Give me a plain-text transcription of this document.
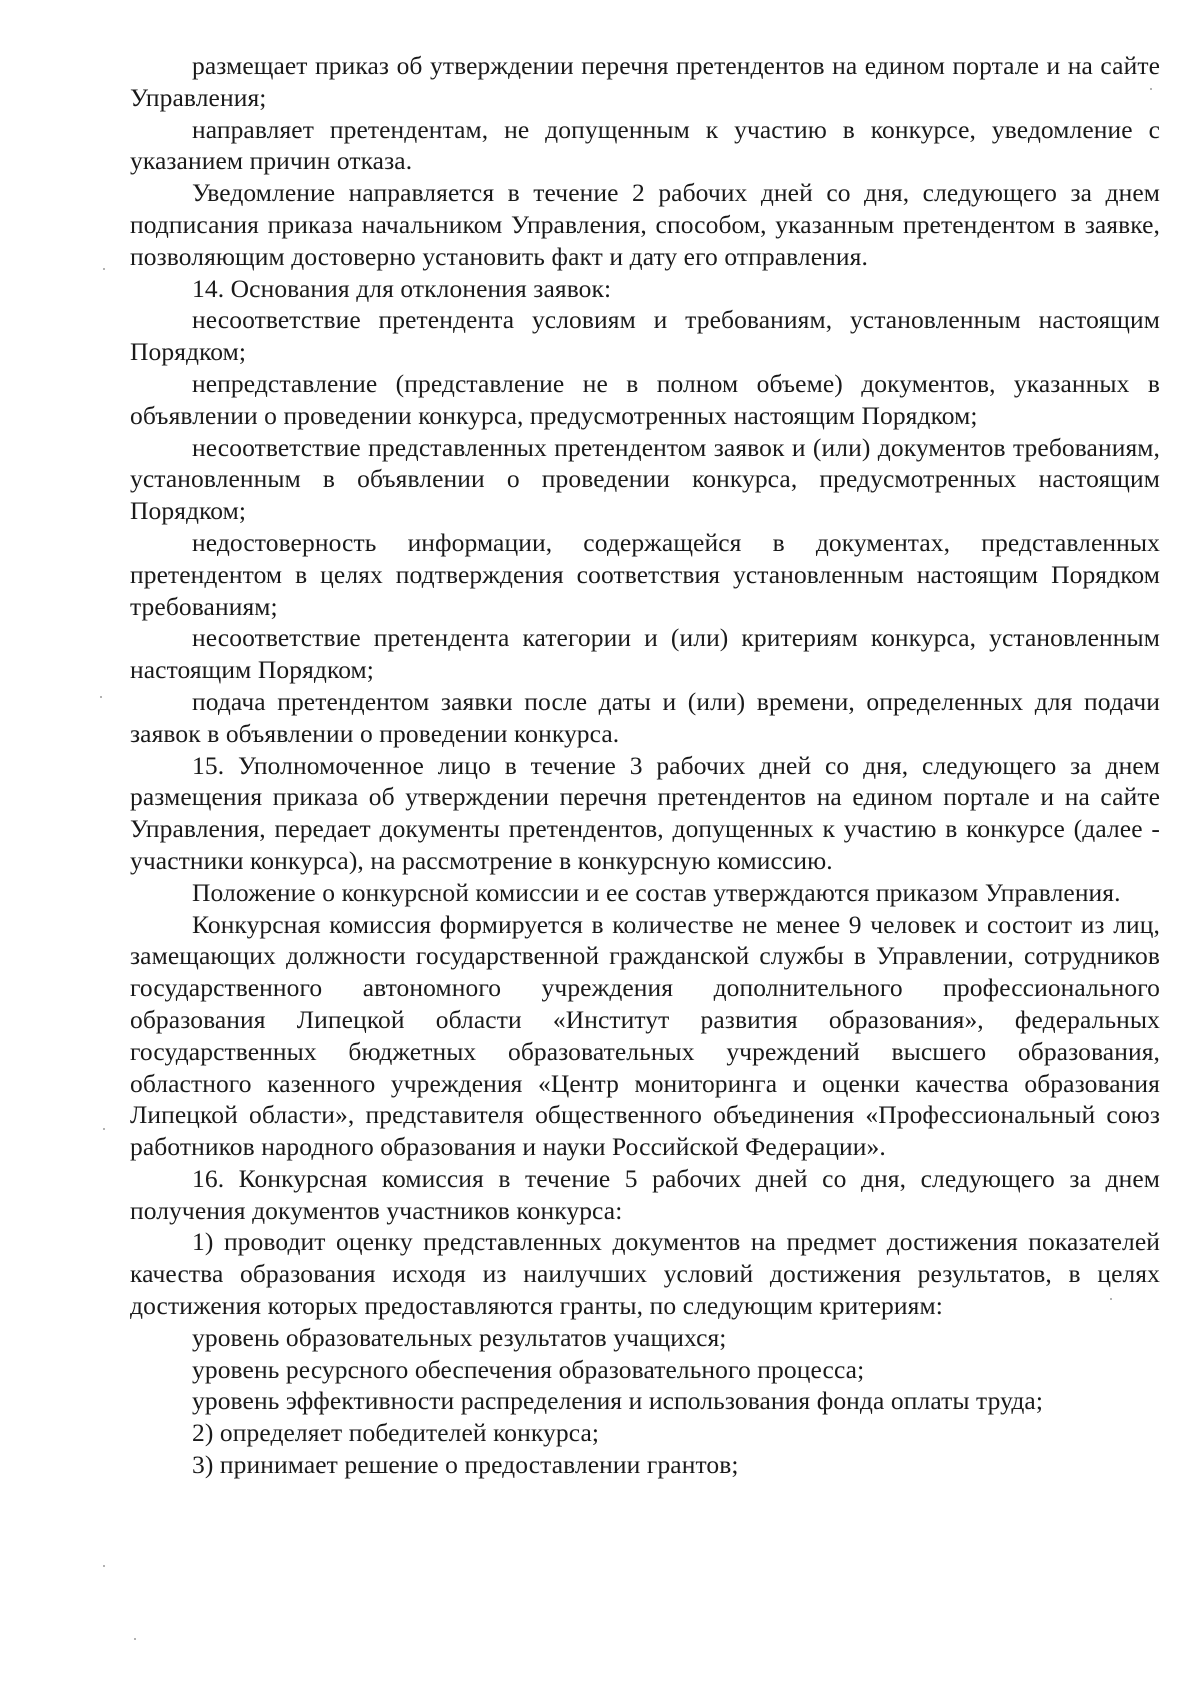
размещает приказ об утверждении перечня претендентов на едином портале и на сайте Управления;

направляет претендентам, не допущенным к участию в конкурсе, уведомление с указанием причин отказа.

Уведомление направляется в течение 2 рабочих дней со дня, следующего за днем подписания приказа начальником Управления, способом, указанным претендентом в заявке, позволяющим достоверно установить факт и дату его отправления.

14. Основания для отклонения заявок:

несоответствие претендента условиям и требованиям, установленным настоящим Порядком;

непредставление (представление не в полном объеме) документов, указанных в объявлении о проведении конкурса, предусмотренных настоящим Порядком;

несоответствие представленных претендентом заявок и (или) документов требованиям, установленным в объявлении о проведении конкурса, предусмотренных настоящим Порядком;

недостоверность информации, содержащейся в документах, представленных претендентом в целях подтверждения соответствия установленным настоящим Порядком требованиям;

несоответствие претендента категории и (или) критериям конкурса, установленным настоящим Порядком;

подача претендентом заявки после даты и (или) времени, определенных для подачи заявок в объявлении о проведении конкурса.

15. Уполномоченное лицо в течение 3 рабочих дней со дня, следующего за днем размещения приказа об утверждении перечня претендентов на едином портале и на сайте Управления, передает документы претендентов, допущенных к участию в конкурсе (далее - участники конкурса), на рассмотрение в конкурсную комиссию.

Положение о конкурсной комиссии и ее состав утверждаются приказом Управления.

Конкурсная комиссия формируется в количестве не менее 9 человек и состоит из лиц, замещающих должности государственной гражданской службы в Управлении, сотрудников государственного автономного учреждения дополнительного профессионального образования Липецкой области «Институт развития образования», федеральных государственных бюджетных образовательных учреждений высшего образования, областного казенного учреждения «Центр мониторинга и оценки качества образования Липецкой области», представителя общественного объединения «Профессиональный союз работников народного образования и науки Российской Федерации».

16. Конкурсная комиссия в течение 5 рабочих дней со дня, следующего за днем получения документов участников конкурса:

1) проводит оценку представленных документов на предмет достижения показателей качества образования исходя из наилучших условий достижения результатов, в целях достижения которых предоставляются гранты, по следующим критериям:

уровень образовательных результатов учащихся;

уровень ресурсного обеспечения образовательного процесса;

уровень эффективности распределения и использования фонда оплаты труда;

2) определяет победителей конкурса;

3) принимает решение о предоставлении грантов;
